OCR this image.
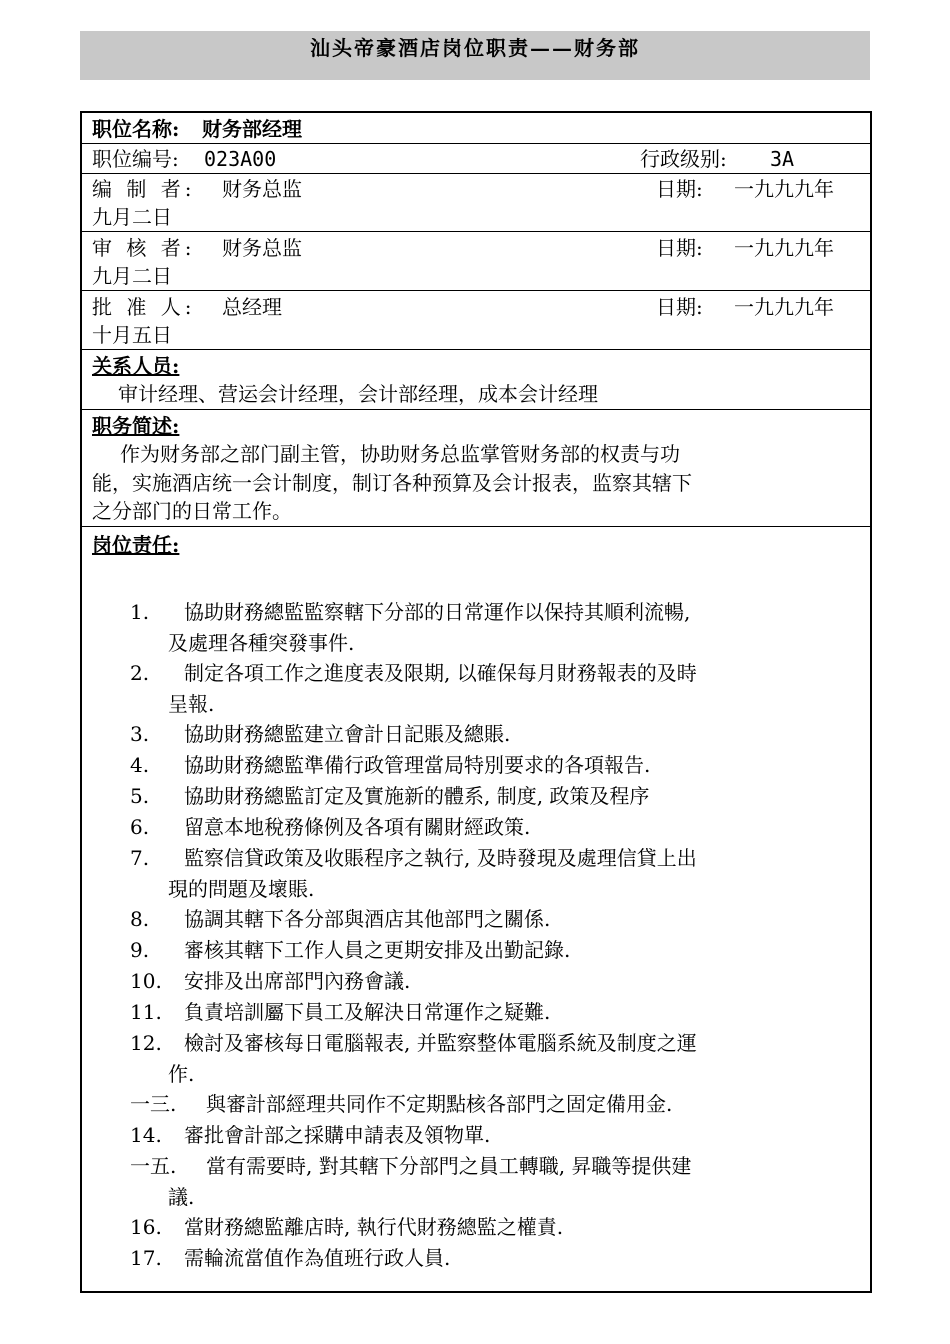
汕头帝豪酒店岗位职责——财务部
职位名称: 财务部经理
职位编号: 023A00	行政级别: 3A
编 制 者: 财务总监	日期: 一九九九年
九月二日
审 核 者: 财务总监	日期: 一九九九年
九月二日
批 准 人: 总经理	日期: 一九九九年
十月五日
关系人员:
审计经理、营运会计经理，会计部经理，成本会计经理
职务简述:
作为财务部之部门副主管，协助财务总监掌管财务部的权责与功
能，实施酒店统一会计制度，制订各种预算及会计报表，监察其辖下
之分部门的日常工作。
岗位责任:
1. 協助財務總監監察轄下分部的日常運作以保持其順利流暢,
及處理各種突發事件.
2. 制定各項工作之進度表及限期, 以確保每月財務報表的及時
呈報.
3. 協助財務總監建立會計日記賬及總賬.
4. 協助財務總監準備行政管理當局特別要求的各項報告.
5. 協助財務總監訂定及實施新的體系, 制度, 政策及程序
6. 留意本地稅務條例及各項有關財經政策.
7. 監察信貸政策及收賬程序之執行, 及時發現及處理信貸上出
現的問題及壞賬.
8. 協調其轄下各分部與酒店其他部門之關係.
9. 審核其轄下工作人員之更期安排及出勤記錄.
10. 安排及出席部門內務會議.
11. 負責培訓屬下員工及解決日常運作之疑難.
12. 檢討及審核每日電腦報表, 并監察整体電腦系統及制度之運
作.
一三. 與審計部經理共同作不定期點核各部門之固定備用金.
14. 審批會計部之採購申請表及領物單.
一五. 當有需要時, 對其轄下分部門之員工轉職, 昇職等提供建
議.
16. 當財務總監離店時, 執行代財務總監之權責.
17. 需輪流當值作為值班行政人員.
